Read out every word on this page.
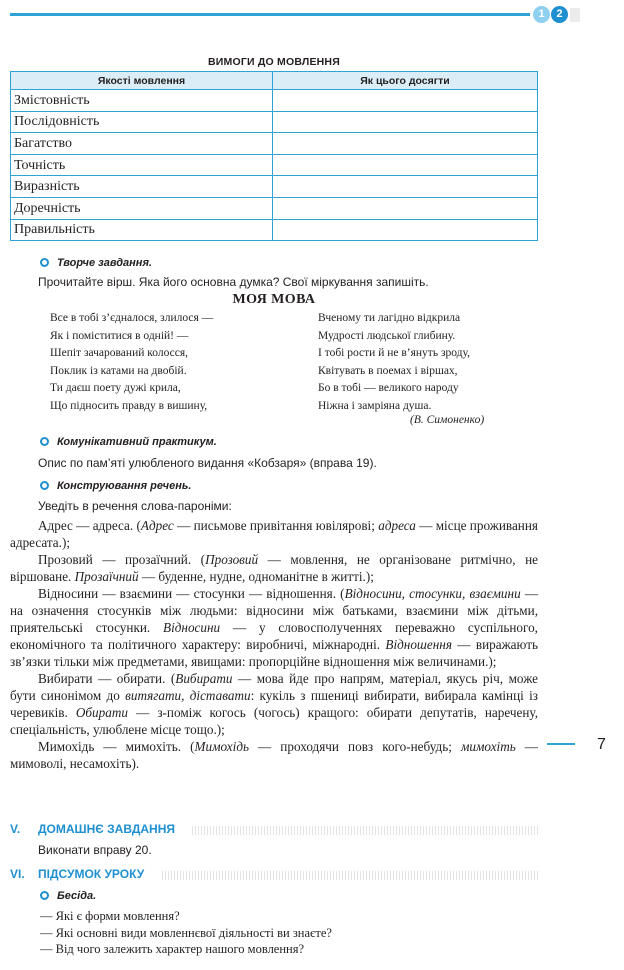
1	2
ВИМОГИ ДО МОВЛЕННЯ
Якості мовлення	Як цього досягти
Змістовність	
Послідовність	
Багатство	
Точність	
Виразність	
Доречність	
Правильність	
Творче завдання.
Прочитайте вірш. Яка його основна думка? Свої міркування запишіть.
МОЯ МОВА
Все в тобі з’єдналося, злилося —
Як і поміститися в одній! —
Шепіт зачарований колосся,
Поклик із катами на двобій.
Ти даєш поету дужі крила,
Що підносить правду в вишину,
Вченому ти лагідно відкрила
Мудрості людської глибину.
І тобі рости й не в’януть зроду,
Квітувать в поемах і віршах,
Бо в тобі — великого народу
Ніжна і замріяна душа.
(В. Симоненко)
Комунікативний практикум.
Опис по пам’яті улюбленого видання «Кобзаря» (вправа 19).
Конструювання речень.
Уведіть в речення слова-пароніми:

Адрес — адреса. (Адрес — письмове привітання ювілярові; адреса — місце проживання адресата.);

Прозовий — прозаїчний. (Прозовий — мовлення, не організоване ритмічно, не віршоване. Прозаїчний — буденне, нудне, одноманітне в житті.);

Відносини — взаємини — стосунки — відношення. (Відносини, стосунки, взаємини — на означення стосунків між людьми: відносини між батьками, взаємини між дітьми, приятельські стосунки. Відносини — у словосполученнях переважно суспільного, економічного та політичного характеру: виробничі, міжнародні. Відношення — виражають зв’язки тільки між предметами, явищами: пропорційне відношення між величинами.);

Вибирати — обирати. (Вибирати — мова йде про напрям, матеріал, якусь річ, може бути синонімом до витягати, діставати: кукіль з пшениці вибирати, вибирала камінці із черевиків. Обирати — з-поміж когось (чогось) кращого: обирати депутатів, наречену, спеціальність, улюблене місце тощо.);

Мимохідь — мимохіть. (Мимохідь — проходячи повз кого-небудь; мимохіть — мимоволі, несамохіть).

7
V. ДОМАШНЄ ЗАВДАННЯ
Виконати вправу 20.
VI. ПІДСУМОК УРОКУ
Бесіда.
— Які є форми мовлення?
— Які основні види мовленнєвої діяльності ви знаєте?
— Від чого залежить характер нашого мовлення?
